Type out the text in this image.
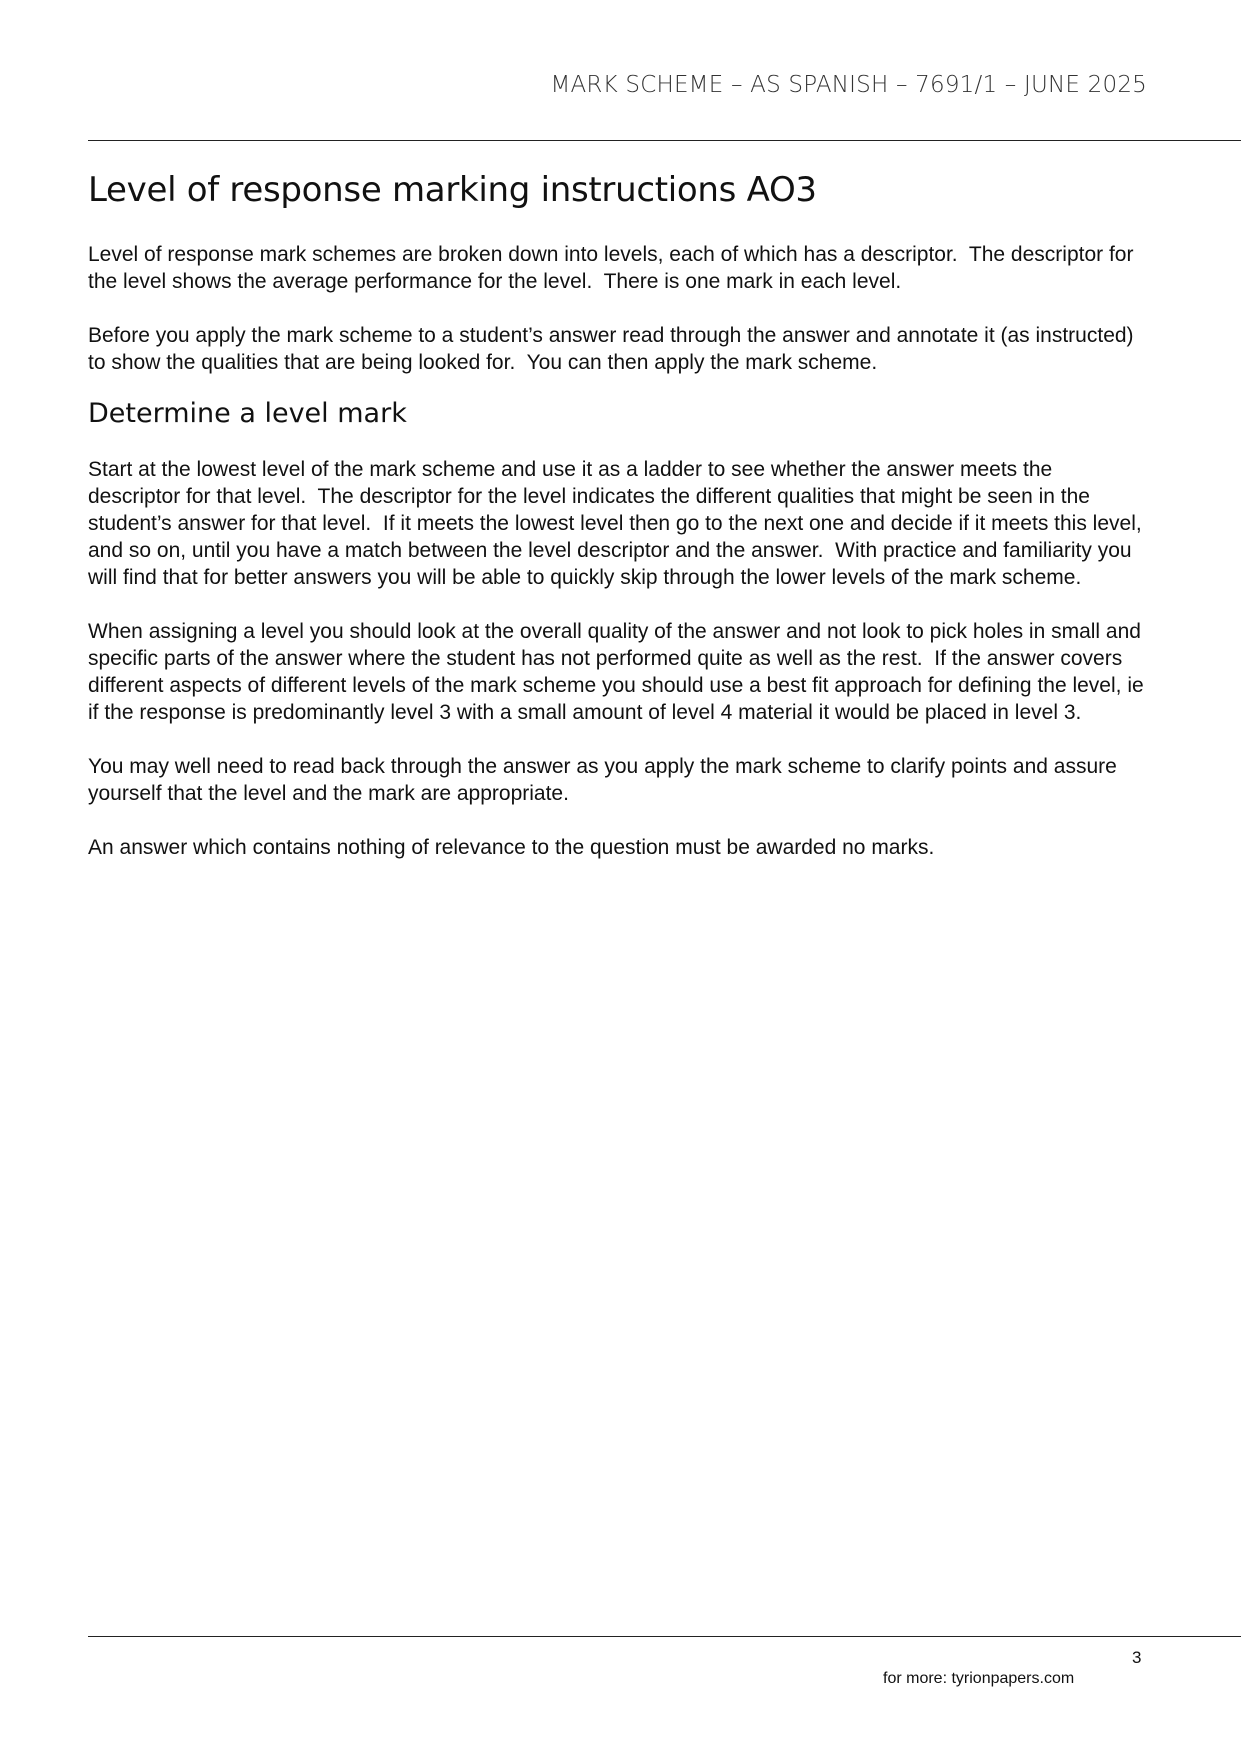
MARK SCHEME – AS SPANISH – 7691/1 – JUNE 2025
Level of response marking instructions AO3

Level of response mark schemes are broken down into levels, each of which has a descriptor.  The descriptor for the level shows the average performance for the level.  There is one mark in each level.

Before you apply the mark scheme to a student’s answer read through the answer and annotate it (as instructed) to show the qualities that are being looked for.  You can then apply the mark scheme.

Determine a level mark

Start at the lowest level of the mark scheme and use it as a ladder to see whether the answer meets the descriptor for that level.  The descriptor for the level indicates the different qualities that might be seen in the student’s answer for that level.  If it meets the lowest level then go to the next one and decide if it meets this level, and so on, until you have a match between the level descriptor and the answer.  With practice and familiarity you will find that for better answers you will be able to quickly skip through the lower levels of the mark scheme.

When assigning a level you should look at the overall quality of the answer and not look to pick holes in small and specific parts of the answer where the student has not performed quite as well as the rest.  If the answer covers different aspects of different levels of the mark scheme you should use a best fit approach for defining the level, ie if the response is predominantly level 3 with a small amount of level 4 material it would be placed in level 3.

You may well need to read back through the answer as you apply the mark scheme to clarify points and assure yourself that the level and the mark are appropriate.

An answer which contains nothing of relevance to the question must be awarded no marks.

3
for more: tyrionpapers.com
